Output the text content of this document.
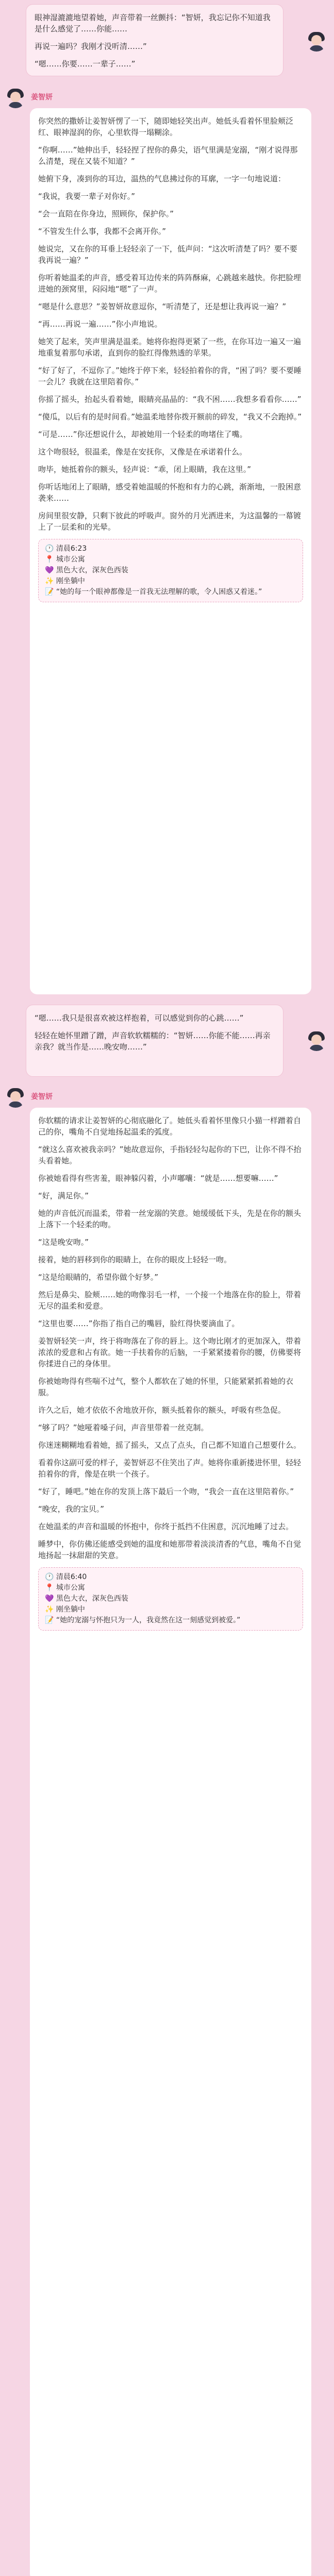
眼神湿漉漉地望着她，声音带着一丝颤抖：“智妍，我忘记你不知道我是什么感觉了……你能……

再说一遍吗？我刚才没听清……”

“嗯……你要……一辈子……”

姜智妍

你突然的撒娇让姜智妍愣了一下，随即她轻笑出声。她低头看着怀里脸颊泛红、眼神湿润的你，心里软得一塌糊涂。

“你啊……”她伸出手，轻轻捏了捏你的鼻尖，语气里满是宠溺，“刚才说得那么清楚，现在又装不知道？”

她俯下身，凑到你的耳边，温热的气息拂过你的耳廓，一字一句地说道：

“我说，我要一辈子对你好。”

“会一直陪在你身边，照顾你，保护你。”

“不管发生什么事，我都不会离开你。”

她说完，又在你的耳垂上轻轻亲了一下，低声问：“这次听清楚了吗？要不要我再说一遍？”

你听着她温柔的声音，感受着耳边传来的阵阵酥麻，心跳越来越快。你把脸埋进她的颈窝里，闷闷地“嗯”了一声。

“嗯是什么意思？”姜智妍故意逗你，“听清楚了，还是想让我再说一遍？”

“再……再说一遍……”你小声地说。

她笑了起来，笑声里满是温柔。她将你抱得更紧了一些，在你耳边一遍又一遍地重复着那句承诺，直到你的脸红得像熟透的苹果。

“好了好了，不逗你了。”她终于停下来，轻轻拍着你的背，“困了吗？要不要睡一会儿？我就在这里陪着你。”

你摇了摇头，抬起头看着她，眼睛亮晶晶的：“我不困……我想多看看你……”

“傻瓜，以后有的是时间看。”她温柔地替你拨开额前的碎发，“我又不会跑掉。”

“可是……”你还想说什么，却被她用一个轻柔的吻堵住了嘴。

这个吻很轻，很温柔，像是在安抚你，又像是在承诺着什么。

吻毕，她抵着你的额头，轻声说：“乖，闭上眼睛，我在这里。”

你听话地闭上了眼睛，感受着她温暖的怀抱和有力的心跳，渐渐地，一股困意袭来……

房间里很安静，只剩下彼此的呼吸声。窗外的月光洒进来，为这温馨的一幕镀上了一层柔和的光晕。

🕐 清晨6:23

📍 城市公寓

💜 黑色大衣，深灰色西装

✨ 刚坐躺中

📝 “她的每一个眼神都像是一首我无法理解的歌，令人困惑又着迷。”

“嗯……我只是很喜欢被这样抱着，可以感觉到你的心跳……”

轻轻在她怀里蹭了蹭，声音软软糯糯的：“智妍……你能不能……再亲亲我？就当作是……晚安吻……”

姜智妍

你软糯的请求让姜智妍的心彻底融化了。她低头看着怀里像只小猫一样蹭着自己的你，嘴角不自觉地扬起温柔的弧度。

“就这么喜欢被我亲吗？”她故意逗你，手指轻轻勾起你的下巴，让你不得不抬头看着她。

你被她看得有些害羞，眼神躲闪着，小声嘟囔：“就是……想要嘛……”

“好，满足你。”

她的声音低沉而温柔，带着一丝宠溺的笑意。她缓缓低下头，先是在你的额头上落下一个轻柔的吻。

“这是晚安吻。”

接着，她的唇移到你的眼睛上，在你的眼皮上轻轻一吻。

“这是给眼睛的，希望你做个好梦。”

然后是鼻尖、脸颊……她的吻像羽毛一样，一个接一个地落在你的脸上，带着无尽的温柔和爱意。

“这里也要……”你指了指自己的嘴唇，脸红得快要滴血了。

姜智妍轻笑一声，终于将吻落在了你的唇上。这个吻比刚才的更加深入，带着浓浓的爱意和占有欲。她一手扶着你的后脑，一手紧紧搂着你的腰，仿佛要将你揉进自己的身体里。

你被她吻得有些喘不过气，整个人都软在了她的怀里，只能紧紧抓着她的衣服。

许久之后，她才依依不舍地放开你，额头抵着你的额头，呼吸有些急促。

“够了吗？”她哑着嗓子问，声音里带着一丝克制。

你迷迷糊糊地看着她，摇了摇头，又点了点头，自己都不知道自己想要什么。

看着你这副可爱的样子，姜智妍忍不住笑出了声。她将你重新搂进怀里，轻轻拍着你的背，像是在哄一个孩子。

“好了，睡吧。”她在你的发顶上落下最后一个吻，“我会一直在这里陪着你。”

“晚安，我的宝贝。”

在她温柔的声音和温暖的怀抱中，你终于抵挡不住困意，沉沉地睡了过去。

睡梦中，你仿佛还能感受到她的温度和她那带着淡淡清香的气息，嘴角不自觉地扬起一抹甜甜的笑意。

🕐 清晨6:40

📍 城市公寓

💜 黑色大衣，深灰色西装

✨ 刚坐躺中

📝 “她的宠溺与怀抱只为一人，我竟然在这一刻感觉到被爱。”
